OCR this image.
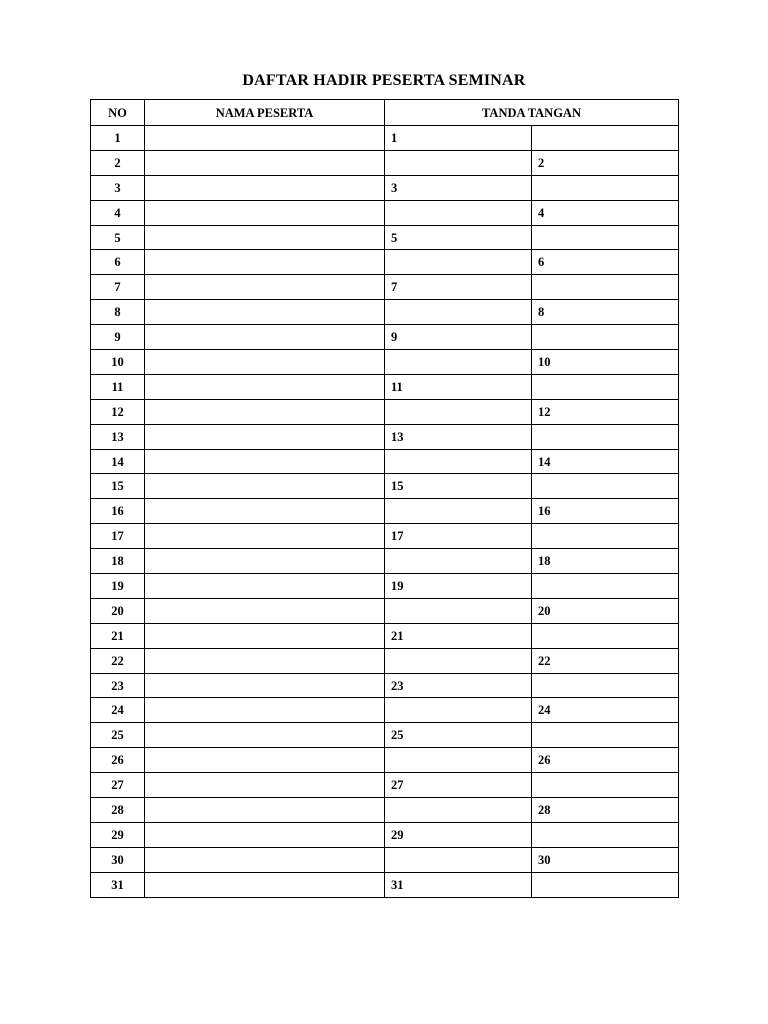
DAFTAR HADIR PESERTA SEMINAR
NO	NAMA PESERTA	TANDA TANGAN	
1		1	
2			2
3		3	
4			4
5		5	
6			6
7		7	
8			8
9		9	
10			10
11		11	
12			12
13		13	
14			14
15		15	
16			16
17		17	
18			18
19		19	
20			20
21		21	
22			22
23		23	
24			24
25		25	
26			26
27		27	
28			28
29		29	
30			30
31		31	
